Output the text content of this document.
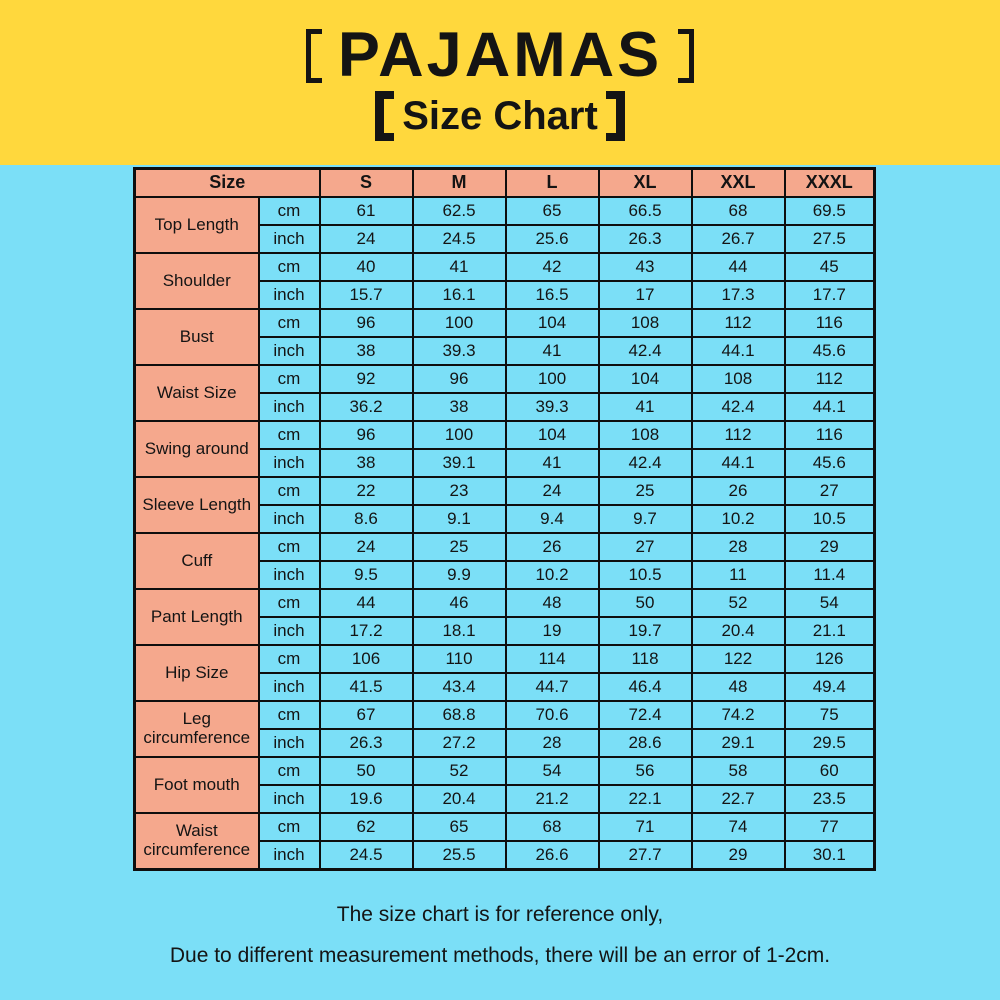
PAJAMAS
Size Chart
Size		S	M	L	XL	XXL	XXXL
Top Length	cm	61	62.5	65	66.5	68	69.5
	inch	24	24.5	25.6	26.3	26.7	27.5
Shoulder	cm	40	41	42	43	44	45
	inch	15.7	16.1	16.5	17	17.3	17.7
Bust	cm	96	100	104	108	112	116
	inch	38	39.3	41	42.4	44.1	45.6
Waist Size	cm	92	96	100	104	108	112
	inch	36.2	38	39.3	41	42.4	44.1
Swing around	cm	96	100	104	108	112	116
	inch	38	39.1	41	42.4	44.1	45.6
Sleeve Length	cm	22	23	24	25	26	27
	inch	8.6	9.1	9.4	9.7	10.2	10.5
Cuff	cm	24	25	26	27	28	29
	inch	9.5	9.9	10.2	10.5	11	11.4
Pant Length	cm	44	46	48	50	52	54
	inch	17.2	18.1	19	19.7	20.4	21.1
Hip Size	cm	106	110	114	118	122	126
	inch	41.5	43.4	44.7	46.4	48	49.4
Leg circumference	cm	67	68.8	70.6	72.4	74.2	75
	inch	26.3	27.2	28	28.6	29.1	29.5
Foot mouth	cm	50	52	54	56	58	60
	inch	19.6	20.4	21.2	22.1	22.7	23.5
Waist circumference	cm	62	65	68	71	74	77
	inch	24.5	25.5	26.6	27.7	29	30.1
The size chart is for reference only,
Due to different measurement methods, there will be an error of 1-2cm.
